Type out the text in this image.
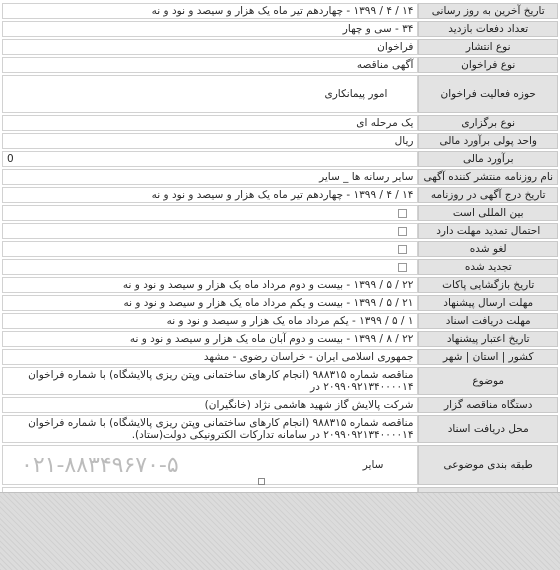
تاریخ آخرین به روز رسانی	۱۴ / ۴ / ۱۳۹۹ - چهاردهم تیر ماه یک هزار و سیصد و نود و نه
تعداد دفعات بازدید	۳۴ - سی و چهار
نوع انتشار	فراخوان
نوع فراخوان	آگهی مناقصه
حوزه فعالیت فراخوان	امور پیمانکاری
نوع برگزاری	یک مرحله ای
واحد پولی برآورد مالی	ریال
برآورد مالی	0
نام روزنامه منتشر کننده آگهی	سایر رسانه ها _ سایر
تاریخ درج آگهی در روزنامه	۱۴ / ۴ / ۱۳۹۹ - چهاردهم تیر ماه یک هزار و سیصد و نود و نه
بین المللی است	
احتمال تمدید مهلت دارد	
لغو شده	
تجدید شده	
تاریخ بازگشایی پاکات	۲۲ / ۵ / ۱۳۹۹ - بیست و دوم مرداد ماه یک هزار و سیصد و نود و نه
مهلت ارسال پیشنهاد	۲۱ / ۵ / ۱۳۹۹ - بیست و یکم مرداد ماه یک هزار و سیصد و نود و نه
مهلت دریافت اسناد	۱ / ۵ / ۱۳۹۹ - یکم مرداد ماه یک هزار و سیصد و نود و نه
تاریخ اعتبار پیشنهاد	۲۲ / ۸ / ۱۳۹۹ - بیست و دوم آبان ماه یک هزار و سیصد و نود و نه
کشور | استان | شهر	جمهوری اسلامی ایران - خراسان رضوی - مشهد
موضوع	مناقصه شماره ۹۸۸۳۱۵ (انجام کارهای ساختمانی وپتن ریزی پالایشگاه) با شماره فراخوان ۲۰۹۹۰۹۲۱۳۴۰۰۰۰۱۴ در
دستگاه مناقصه گزار	شرکت پالایش گاز شهید هاشمی نژاد (خانگیران)
محل دریافت اسناد	مناقصه شماره ۹۸۸۳۱۵ (انجام کارهای ساختمانی وپتن ریزی پالایشگاه) با شماره فراخوان ۲۰۹۹۰۹۲۱۳۴۰۰۰۰۱۴ در سامانه تدارکات الکترونیکی دولت(ستاد).
طبقه بندی موضوعی	سایر
۰۲۱-۸۸۳۴۹۶۷۰-۵
